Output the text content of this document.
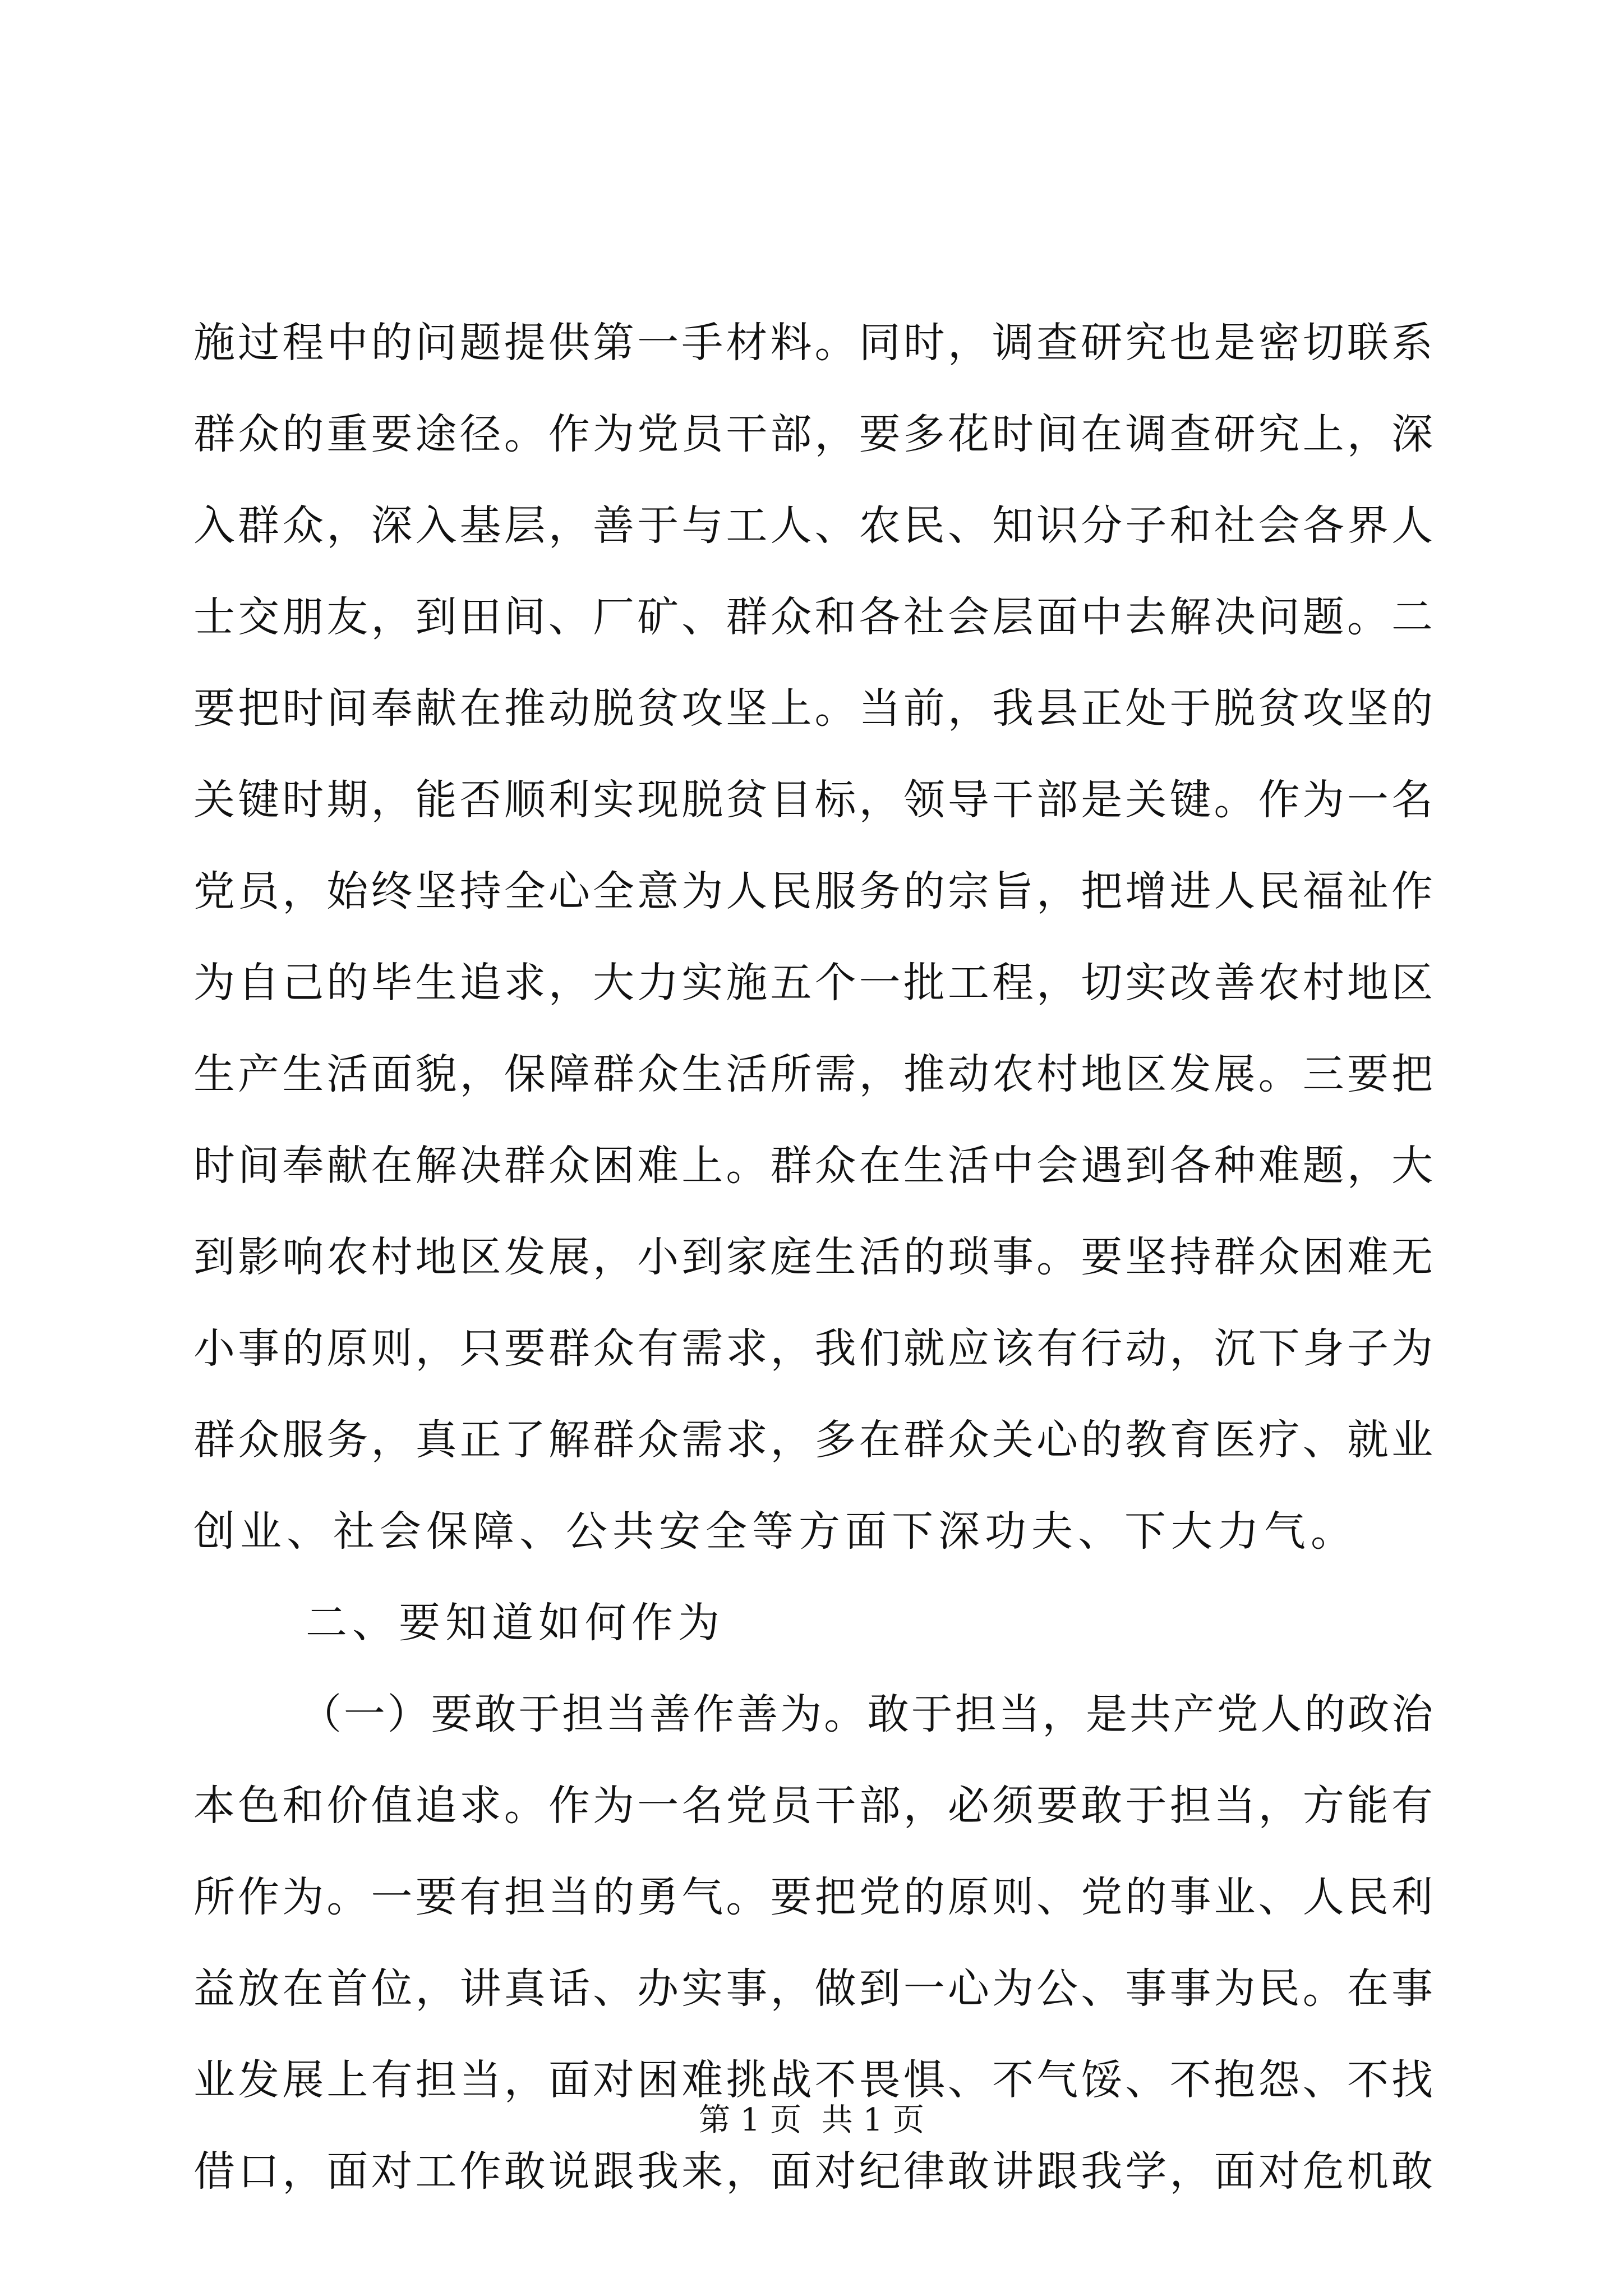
施过程中的问题提供第一手材料。同时，调查研究也是密切联系
群众的重要途径。作为党员干部，要多花时间在调查研究上，深
入群众，深入基层，善于与工人、农民、知识分子和社会各界人
士交朋友，到田间、厂矿、群众和各社会层面中去解决问题。二
要把时间奉献在推动脱贫攻坚上。当前，我县正处于脱贫攻坚的
关键时期，能否顺利实现脱贫目标，领导干部是关键。作为一名
党员，始终坚持全心全意为人民服务的宗旨，把增进人民福祉作
为自己的毕生追求，大力实施五个一批工程，切实改善农村地区
生产生活面貌，保障群众生活所需，推动农村地区发展。三要把
时间奉献在解决群众困难上。群众在生活中会遇到各种难题，大
到影响农村地区发展，小到家庭生活的琐事。要坚持群众困难无
小事的原则，只要群众有需求，我们就应该有行动，沉下身子为
群众服务，真正了解群众需求，多在群众关心的教育医疗、就业
创业、社会保障、公共安全等方面下深功夫、下大力气。
二、要知道如何作为
（一）要敢于担当善作善为。敢于担当，是共产党人的政治
本色和价值追求。作为一名党员干部，必须要敢于担当，方能有
所作为。一要有担当的勇气。要把党的原则、党的事业、人民利
益放在首位，讲真话、办实事，做到一心为公、事事为民。在事
业发展上有担当，面对困难挑战不畏惧、不气馁、不抱怨、不找
借口，面对工作敢说跟我来，面对纪律敢讲跟我学，面对危机敢
第 1 页  共 1 页
